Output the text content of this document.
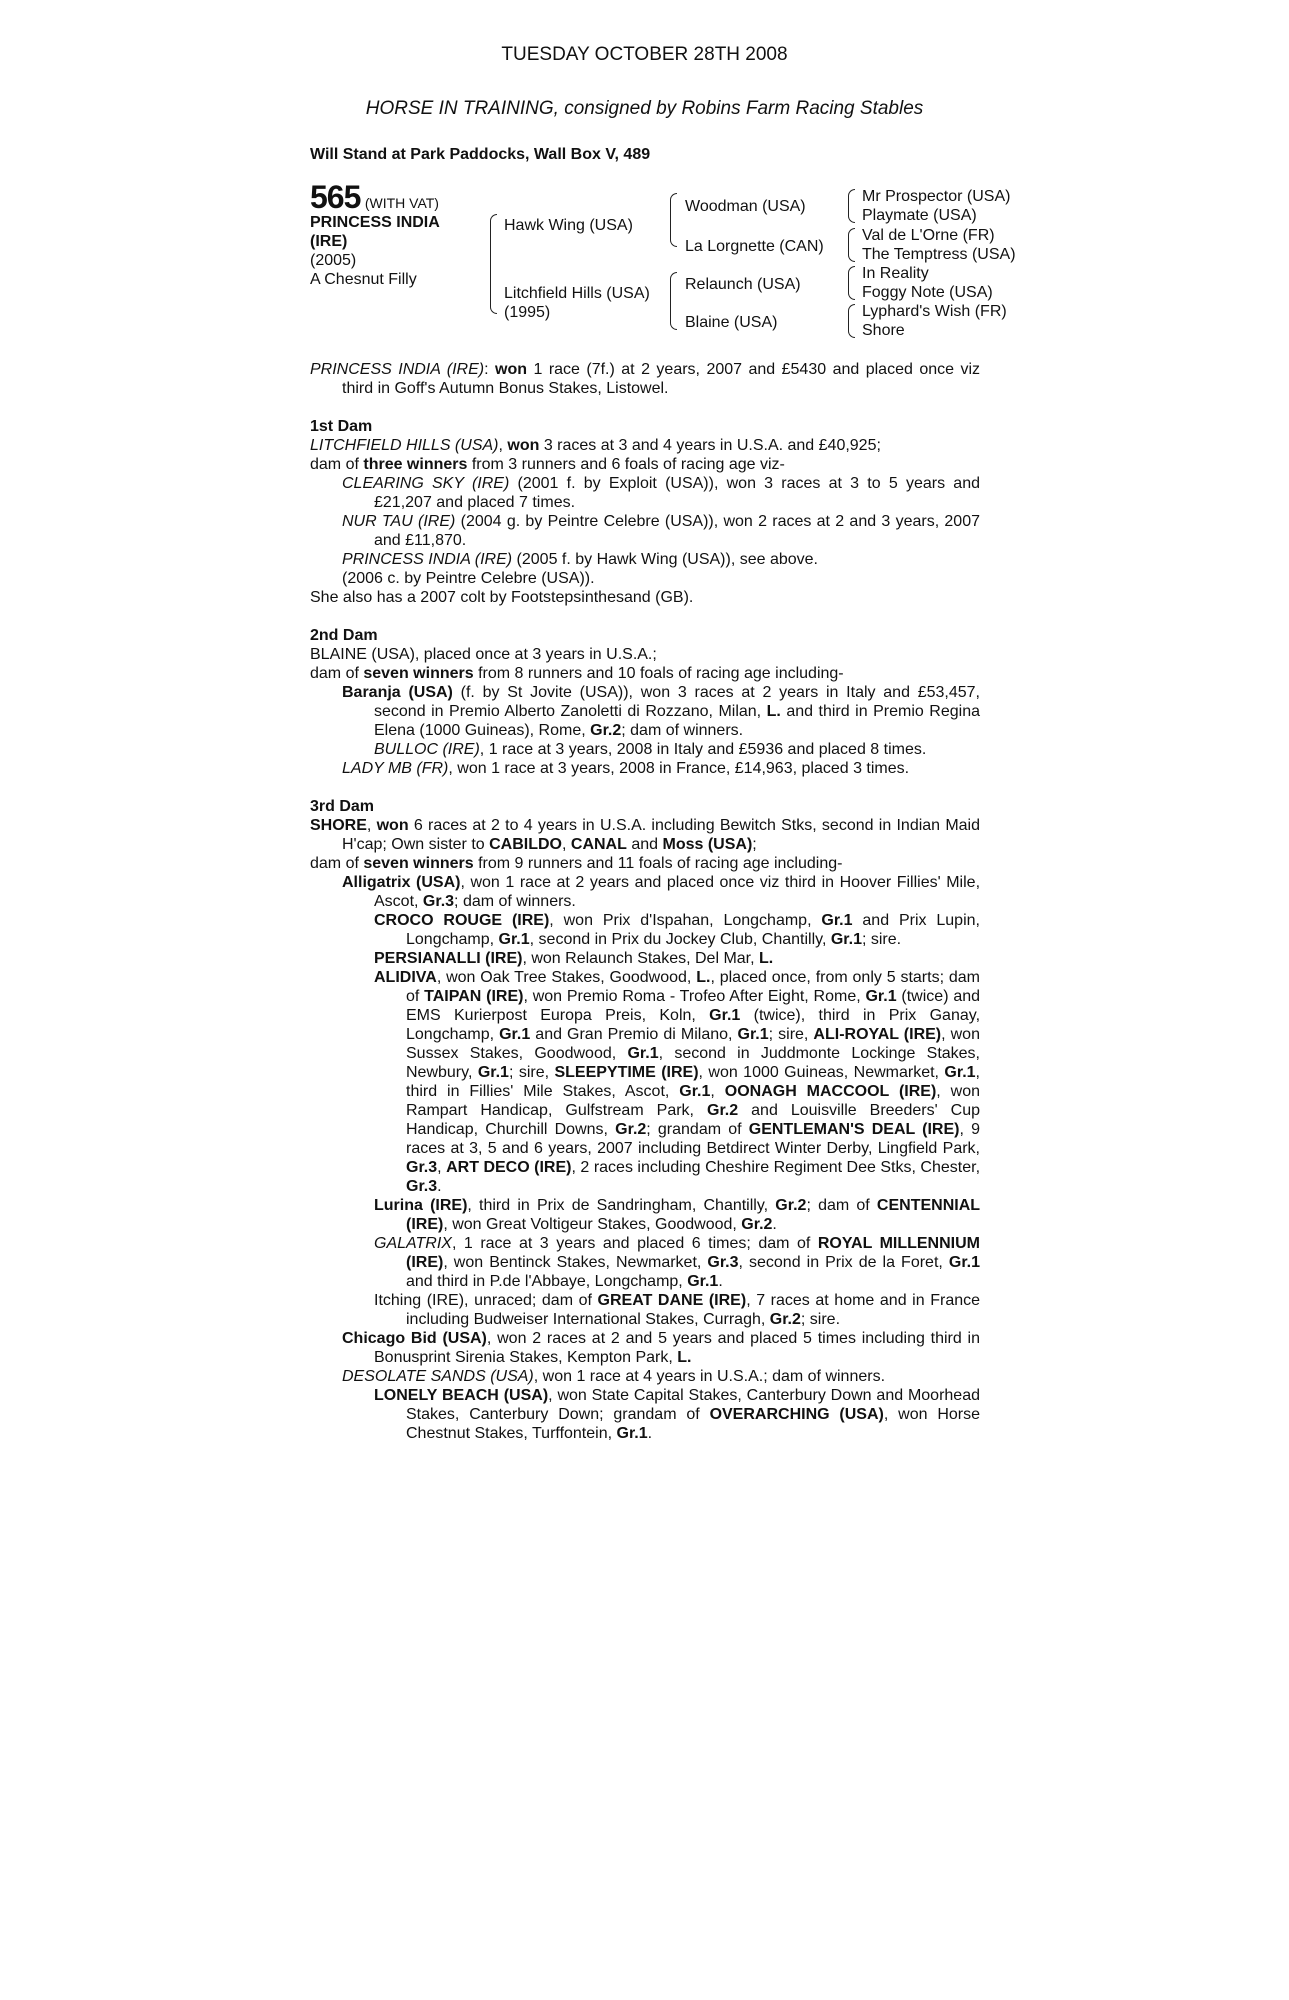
TUESDAY OCTOBER 28TH 2008
HORSE IN TRAINING, consigned by Robins Farm Racing Stables
Will Stand at Park Paddocks, Wall Box V, 489
565 (WITH VAT)
PRINCESS INDIA
(IRE)
(2005)
A Chesnut Filly
Hawk Wing (USA)
Litchfield Hills (USA)
(1995)
Woodman (USA)
La Lorgnette (CAN)
Relaunch (USA)
Blaine (USA)
Mr Prospector (USA)
Playmate (USA)
Val de L'Orne (FR)
The Temptress (USA)
In Reality
Foggy Note (USA)
Lyphard's Wish (FR)
Shore

PRINCESS INDIA (IRE): won 1 race (7f.) at 2 years, 2007 and £5430 and placed once viz third in Goff's Autumn Bonus Stakes, Listowel.

1st Dam

LITCHFIELD HILLS (USA), won 3 races at 3 and 4 years in U.S.A. and £40,925;

dam of three winners from 3 runners and 6 foals of racing age viz-

CLEARING SKY (IRE) (2001 f. by Exploit (USA)), won 3 races at 3 to 5 years and £21,207 and placed 7 times.

NUR TAU (IRE) (2004 g. by Peintre Celebre (USA)), won 2 races at 2 and 3 years, 2007 and £11,870.

PRINCESS INDIA (IRE) (2005 f. by Hawk Wing (USA)), see above.

(2006 c. by Peintre Celebre (USA)).

She also has a 2007 colt by Footstepsinthesand (GB).

2nd Dam

BLAINE (USA), placed once at 3 years in U.S.A.;

dam of seven winners from 8 runners and 10 foals of racing age including-

Baranja (USA) (f. by St Jovite (USA)), won 3 races at 2 years in Italy and £53,457, second in Premio Alberto Zanoletti di Rozzano, Milan, L. and third in Premio Regina Elena (1000 Guineas), Rome, Gr.2; dam of winners.

BULLOC (IRE), 1 race at 3 years, 2008 in Italy and £5936 and placed 8 times.

LADY MB (FR), won 1 race at 3 years, 2008 in France, £14,963, placed 3 times.

3rd Dam

SHORE, won 6 races at 2 to 4 years in U.S.A. including Bewitch Stks, second in Indian Maid H'cap; Own sister to CABILDO, CANAL and Moss (USA);

dam of seven winners from 9 runners and 11 foals of racing age including-

Alligatrix (USA), won 1 race at 2 years and placed once viz third in Hoover Fillies' Mile, Ascot, Gr.3; dam of winners.

CROCO ROUGE (IRE), won Prix d'Ispahan, Longchamp, Gr.1 and Prix Lupin, Longchamp, Gr.1, second in Prix du Jockey Club, Chantilly, Gr.1; sire.

PERSIANALLI (IRE), won Relaunch Stakes, Del Mar, L.

ALIDIVA, won Oak Tree Stakes, Goodwood, L., placed once, from only 5 starts; dam of TAIPAN (IRE), won Premio Roma - Trofeo After Eight, Rome, Gr.1 (twice) and EMS Kurierpost Europa Preis, Koln, Gr.1 (twice), third in Prix Ganay, Longchamp, Gr.1 and Gran Premio di Milano, Gr.1; sire, ALI-ROYAL (IRE), won Sussex Stakes, Goodwood, Gr.1, second in Juddmonte Lockinge Stakes, Newbury, Gr.1; sire, SLEEPYTIME (IRE), won 1000 Guineas, Newmarket, Gr.1, third in Fillies' Mile Stakes, Ascot, Gr.1, OONAGH MACCOOL (IRE), won Rampart Handicap, Gulfstream Park, Gr.2 and Louisville Breeders' Cup Handicap, Churchill Downs, Gr.2; grandam of GENTLEMAN'S DEAL (IRE), 9 races at 3, 5 and 6 years, 2007 including Betdirect Winter Derby, Lingfield Park, Gr.3, ART DECO (IRE), 2 races including Cheshire Regiment Dee Stks, Chester, Gr.3.

Lurina (IRE), third in Prix de Sandringham, Chantilly, Gr.2; dam of CENTENNIAL (IRE), won Great Voltigeur Stakes, Goodwood, Gr.2.

GALATRIX, 1 race at 3 years and placed 6 times; dam of ROYAL MILLENNIUM (IRE), won Bentinck Stakes, Newmarket, Gr.3, second in Prix de la Foret, Gr.1 and third in P.de l'Abbaye, Longchamp, Gr.1.

Itching (IRE), unraced; dam of GREAT DANE (IRE), 7 races at home and in France including Budweiser International Stakes, Curragh, Gr.2; sire.

Chicago Bid (USA), won 2 races at 2 and 5 years and placed 5 times including third in Bonusprint Sirenia Stakes, Kempton Park, L.

DESOLATE SANDS (USA), won 1 race at 4 years in U.S.A.; dam of winners.

LONELY BEACH (USA), won State Capital Stakes, Canterbury Down and Moorhead Stakes, Canterbury Down; grandam of OVERARCHING (USA), won Horse Chestnut Stakes, Turffontein, Gr.1.
